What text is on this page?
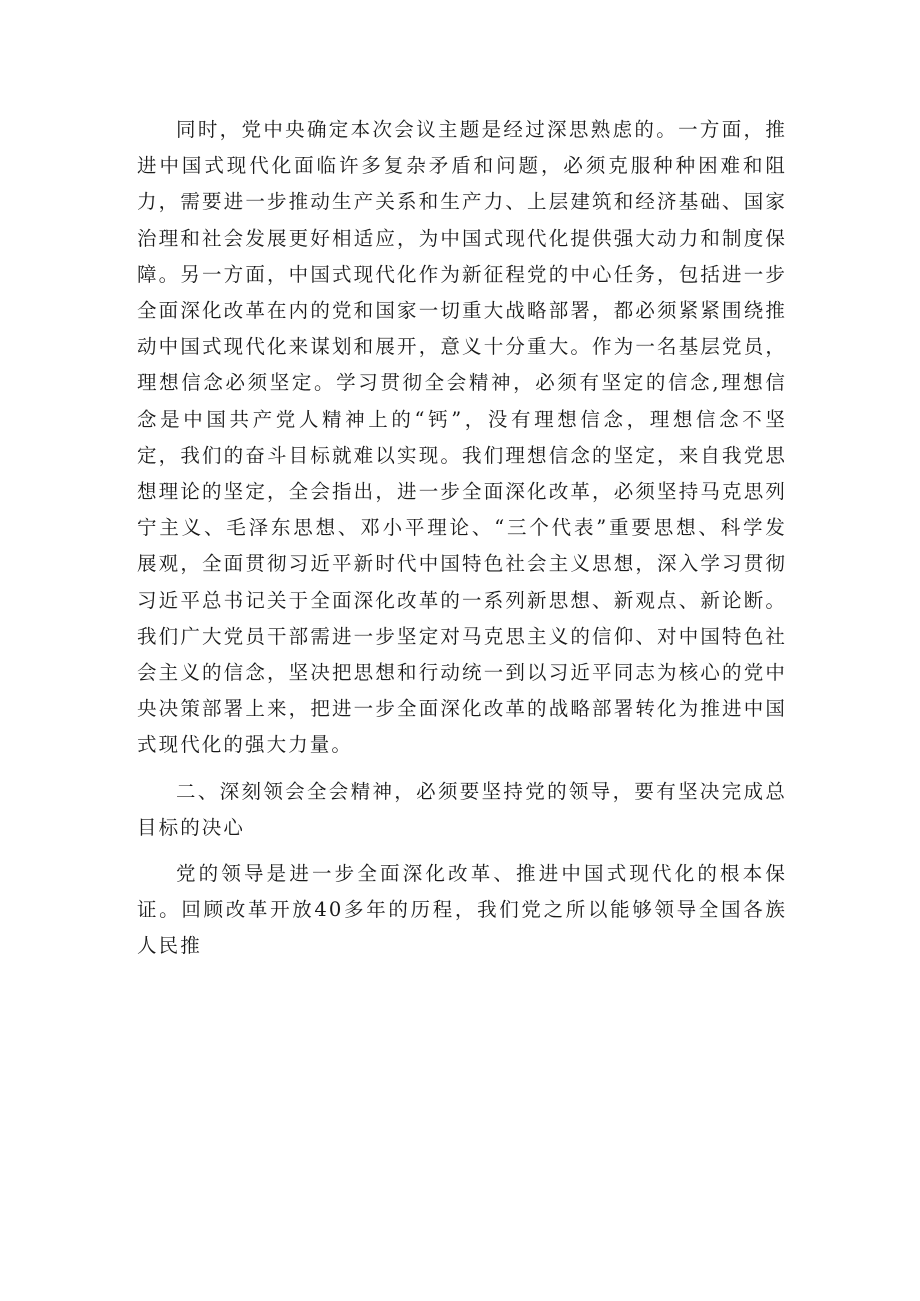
同时，党中央确定本次会议主题是经过深思熟虑的。一方面，推进中国式现代化面临许多复杂矛盾和问题，必须克服种种困难和阻力，需要进一步推动生产关系和生产力、上层建筑和经济基础、国家治理和社会发展更好相适应，为中国式现代化提供强大动力和制度保障。另一方面，中国式现代化作为新征程党的中心任务，包括进一步全面深化改革在内的党和国家一切重大战略部署，都必须紧紧围绕推动中国式现代化来谋划和展开，意义十分重大。作为一名基层党员，理想信念必须坚定。学习贯彻全会精神，必须有坚定的信念,理想信念是中国共产党人精神上的“钙”，没有理想信念，理想信念不坚定，我们的奋斗目标就难以实现。我们理想信念的坚定，来自我党思想理论的坚定，全会指出，进一步全面深化改革，必须坚持马克思列宁主义、毛泽东思想、邓小平理论、“三个代表”重要思想、科学发展观，全面贯彻习近平新时代中国特色社会主义思想，深入学习贯彻习近平总书记关于全面深化改革的一系列新思想、新观点、新论断。我们广大党员干部需进一步坚定对马克思主义的信仰、对中国特色社会主义的信念，坚决把思想和行动统一到以习近平同志为核心的党中央决策部署上来，把进一步全面深化改革的战略部署转化为推进中国式现代化的强大力量。

二、深刻领会全会精神，必须要坚持党的领导，要有坚决完成总目标的决心

党的领导是进一步全面深化改革、推进中国式现代化的根本保证。回顾改革开放40多年的历程，我们党之所以能够领导全国各族人民推
